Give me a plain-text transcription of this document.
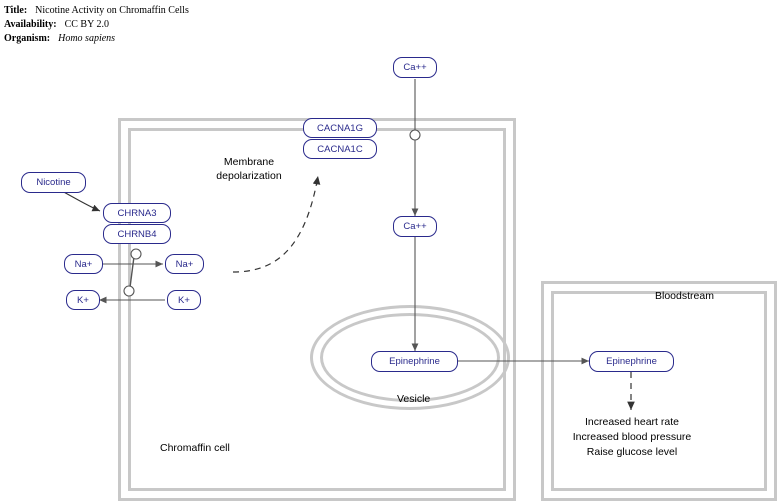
Title: Nicotine Activity on Chromaffin Cells
Availability: CC BY 2.0
Organism: Homo sapiens
Ca++
CACNA1G
CACNA1C
Nicotine
CHRNA3
CHRNB4
Na+	Na+
K+	K+
Ca++
Epinephrine	Epinephrine
Membrane
depolarization
Chromaffin cell
Vesicle
Bloodstream
Increased heart rate
Increased blood pressure
Raise glucose level
